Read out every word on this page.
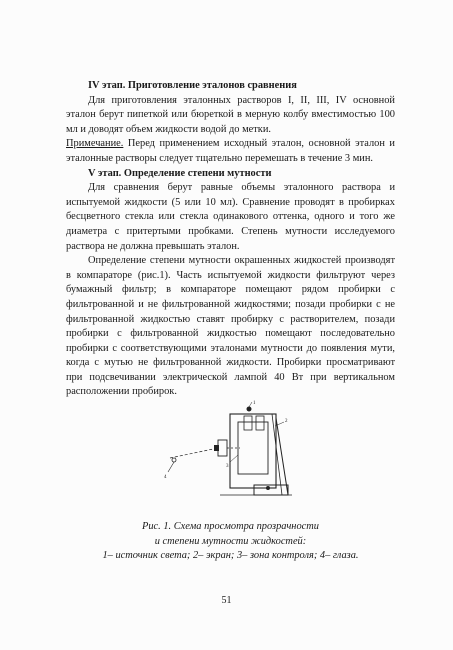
IV этап. Приготовление эталонов сравнения

Для приготовления эталонных растворов I, II, III, IV основной эталон берут пипеткой или бюреткой в мерную колбу вместимостью 100 мл и доводят объем жидкости водой до метки.

Примечание. Перед применением исходный эталон, основной эталон и эталонные растворы следует тщательно перемешать в течение 3 мин.

V этап. Определение степени мутности

Для сравнения берут равные объемы эталонного раствора и испытуемой жидкости (5 или 10 мл). Сравнение проводят в пробирках бесцветного стекла или стекла одинакового оттенка, одного и того же диаметра с притертыми пробками. Степень мутности исследуемого раствора не должна превышать эталон.

Определение степени мутности окрашенных жидкостей производят в компараторе (рис.1). Часть испытуемой жидкости фильтруют через бумажный фильтр; в компараторе помещают рядом пробирки с фильтрованной и не фильтрованной жидкостями; позади пробирки с не фильтрованной жидкостью ставят пробирку с растворителем, позади пробирки с фильтрованной жидкостью помещают последовательно пробирки с соответствующими эталонами мутности до появления мути, когда с мутью не фильтрованной жидкости. Пробирки просматривают при подсвечивании электрической лампой 40 Вт при вертикальном расположении пробирок.

1
2
3
4
Рис. 1. Схема просмотра прозрачности
и степени мутности жидкостей:
1– источник света; 2– экран; 3– зона контроля; 4– глаза.
51
